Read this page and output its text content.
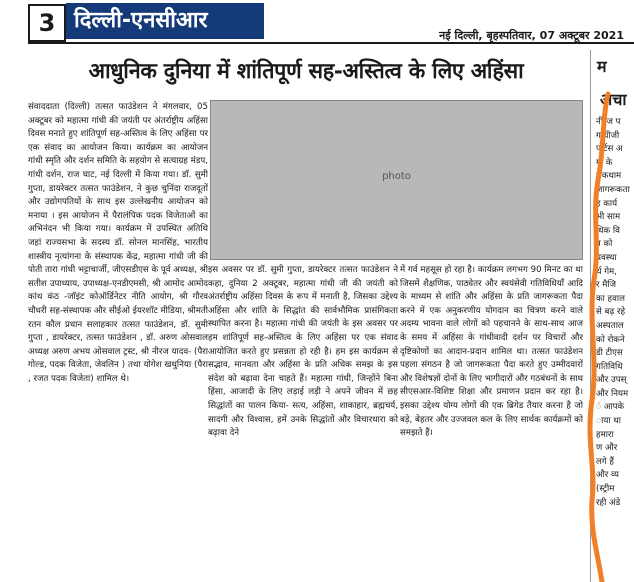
3 दिल्ली-एनसीआर
नई दिल्ली, बृहस्पतिवार, 07 अक्टूबर 2021
आधुनिक दुनिया में शांतिपूर्ण सह-अस्तित्व के लिए अहिंसा

संवाददाता (दिल्ली) तत्सत फाउंडेशन ने मंगलवार, 05 अक्टूबर को महात्मा गांधी की जयंती पर अंतर्राष्ट्रीय अहिंसा दिवस मनाते हुए शांतिपूर्ण सह-अस्तित्व के लिए अहिंसा पर एक संवाद का आयोजन किया। कार्यक्रम का आयोजन गांधी स्मृति और दर्शन समिति के सहयोग से सत्याग्रह मंडप, गांधी दर्शन, राज घाट, नई दिल्ली में किया गया। डॉ. सुमी गुप्ता, डायरेक्टर तत्सत फाउंडेशन, ने कुछ चुनिंदा राजदूतों और उद्योगपतियों के साथ इस उल्लेखनीय आयोजन को मनाया । इस आयोजन में पैरालंपिक पदक विजेताओं का अभिनंदन भी किया गया। कार्यक्रम में उपस्थित अतिथि जहां राज्यसभा के सदस्य डॉ. सोनल मानसिंह, भारतीय शास्त्रीय नृत्यांगना के संस्थापक केंद्र, महात्मा गांधी जी की पोती तारा गांधी भट्टाचार्जी, जीएसडीएस के पूर्व अध्यक्ष, श्री सतीश उपाध्याय, उपाध्यक्ष-एनडीएमसी, श्री आमोद आमोद कांथ कंठ -जॉइंट कोऑर्डिनेटर नीति आयोग, श्री गौरव चौधरी सह-संस्थापक और सीईओ ईयरशॉट मीडिया, श्रीमती रतन कौल प्रधान सलाहकार तत्सत फाउंडेशन, डॉ. सुमी गुप्ता , डायरेक्टर, तत्सत फाउंडेशन , डॉ. अरुण ओसवाल अध्यक्ष अरुण अभय ओसवाल ट्रस्ट, श्री नीरज यादव- (पैरा गोल्ड, पदक विजेता, जेवलिन ) तथा योगेश खथुनिया (पैरा , रजत पदक विजेता) शामिल थे।

photo

इस अवसर पर डॉ. सुमी गुप्ता, डायरेक्टर तत्सत फाउंडेशन ने कहा, दुनिया 2 अक्टूबर, महात्मा गांधी जी की जयंती को अंतर्राष्ट्रीय अहिंसा दिवस के रूप में मनाती है, जिसका उद्देश्य अहिंसा और शांति के सिद्धांत की सार्वभौमिक प्रासंगिकता स्थापित करना है। महात्मा गांधी की जयंती के इस अवसर पर हम शांतिपूर्ण सह-अस्तित्व के लिए अहिंसा पर एक संवाद आयोजित करते हुए प्रसन्नता हो रही है। हम इस कार्यक्रम से सद्भाव, मानवता और अहिंसा के प्रति अधिक समझ के इस संदेश को बढ़ावा देना चाहते हैं। महात्मा गांधी, जिन्होंने बिना हिंसा, आजादी के लिए लड़ाई लड़ी ने अपने जीवन में छह सिद्धांतों का पालन किया- सत्य, अहिंसा, शाकाहार, ब्रह्मचर्य, सादगी और विश्वास, हमें उनके सिद्धांतों और विचारधारा को बढ़ावा देने

में गर्व महसूस हो रहा है। कार्यक्रम लगभग 90 मिनट का था जिसमें शैक्षणिक, पाठ्येतर और स्वयंसेवी गतिविधियाँ आदि के माध्यम से शांति और अहिंसा के प्रति जागरूकता पैदा करने में एक अनुकरणीय योगदान का चित्रण करने वाले अदम्य भावना वाले लोगों को पहचानने के साथ-साथ आज के समय में अहिंसा के गांधीवादी दर्शन पर विचारों और दृष्टिकोणों का आदान-प्रदान शामिल था। तत्सत फाउंडेशन पहला संगठन है जो जागरूकता पैदा करते हुए उम्मीदवारों और विशेषज्ञों दोनों के लिए भागीदारों और गठबंधनों के साथ सीएसआर-विशिष्ट शिक्षा और प्रमाणन प्रदान कर रहा है। इसका उद्देश्य योग्य लोगों की एक ब्रिगेड तैयार करना है जो बड़े, बेहतर और उज्जवल कल के लिए सार्थक कार्यक्रमों को समझते हैं।

म
अचा
नीरज प
गांधीजी
पोर्टस अ
गों के
रोकथाम
जागरूकता
ह कार्य
भी साम
धिक वि
न को
यवस्था
र्थ गेम,
र मैजि
का हवाल
से बढ़ रहे
अस्पताल
को रोकने
डी टीएस
गतिविधि
और उपस्
और नियम
ं आपके
ाया था
हमारा
ण और
लगे हैं
और व्य
(स्ट्रीम
रही अंडे
